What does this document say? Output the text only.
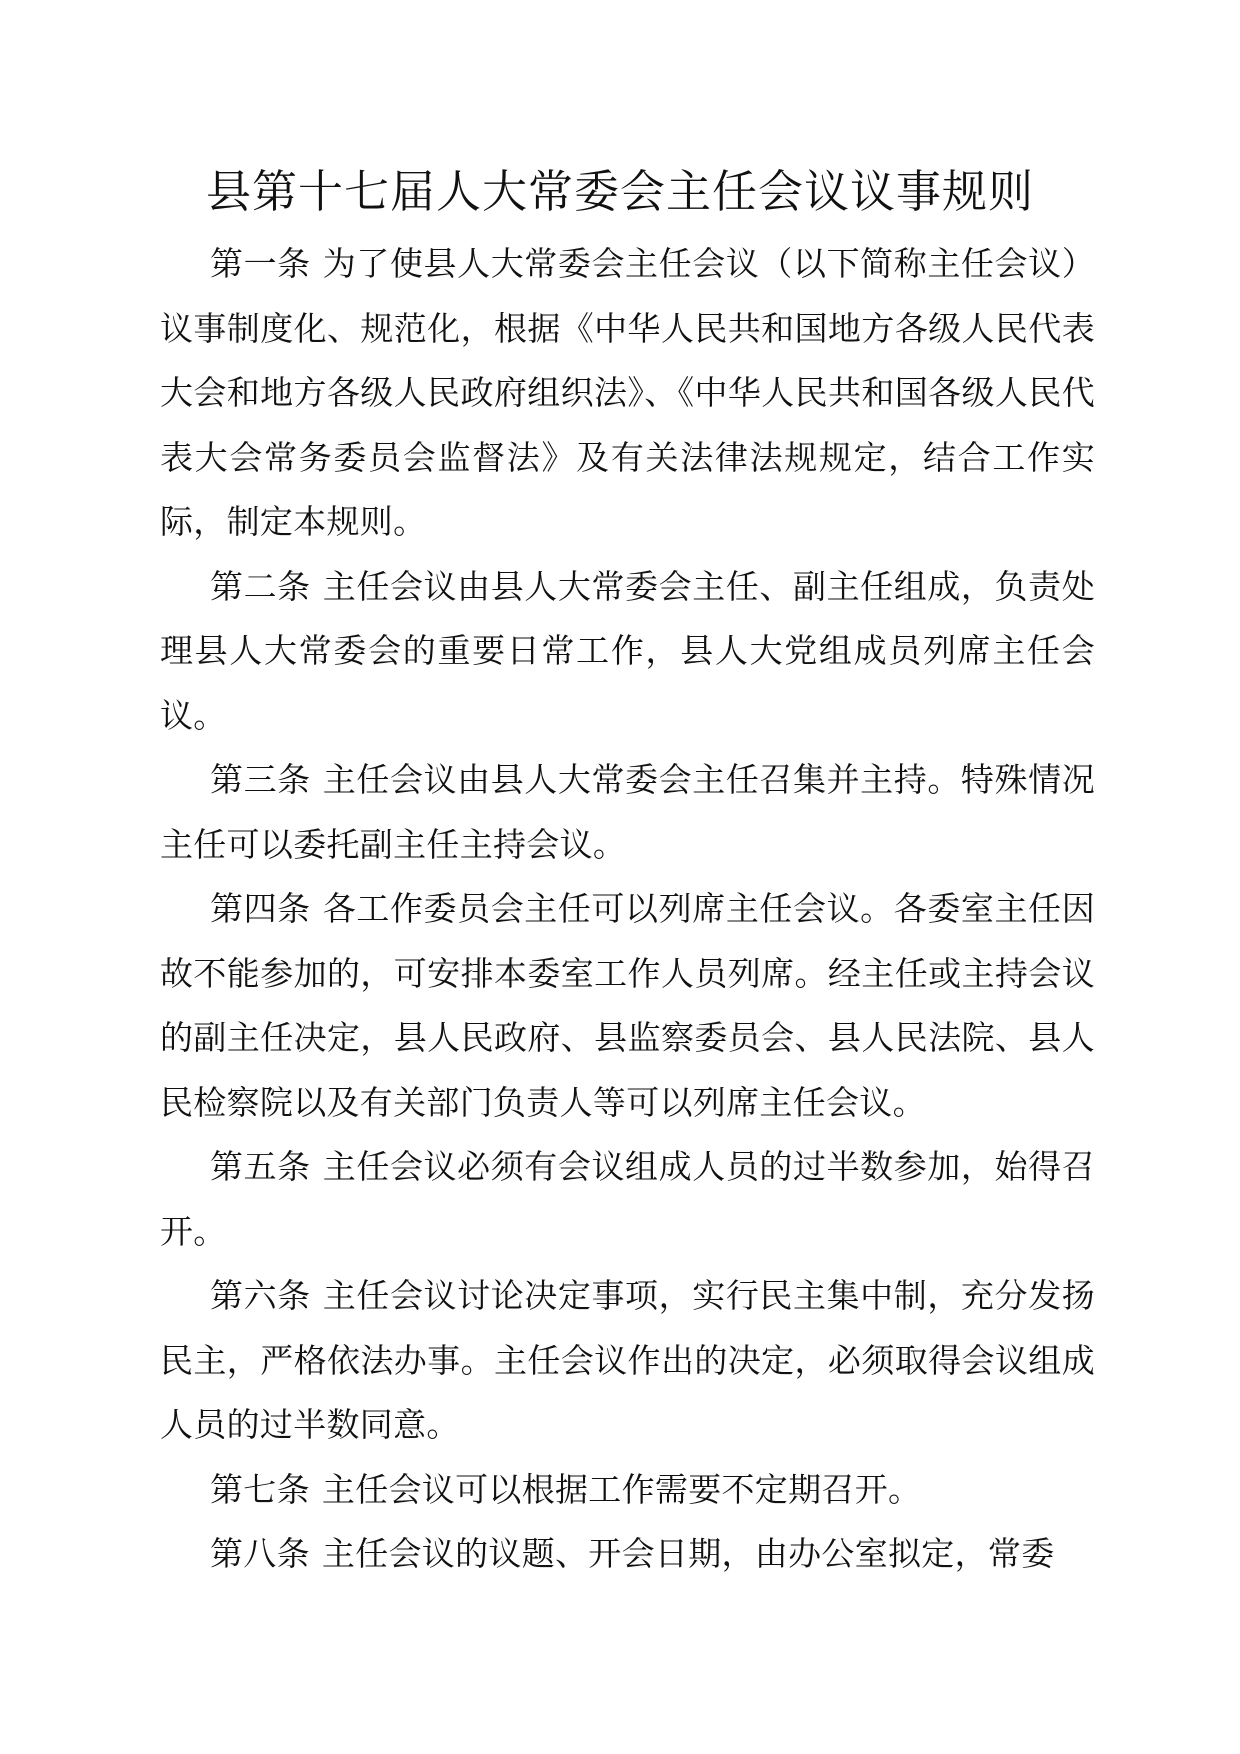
县第十七届人大常委会主任会议议事规则

第一条 为了使县人大常委会主任会议（以下简称主任会议）议事制度化、规范化，根据《中华人民共和国地方各级人民代表大会和地方各级人民政府组织法》、《中华人民共和国各级人民代表大会常务委员会监督法》及有关法律法规规定，结合工作实际，制定本规则。

第二条 主任会议由县人大常委会主任、副主任组成，负责处理县人大常委会的重要日常工作，县人大党组成员列席主任会议。

第三条 主任会议由县人大常委会主任召集并主持。特殊情况主任可以委托副主任主持会议。

第四条 各工作委员会主任可以列席主任会议。各委室主任因故不能参加的，可安排本委室工作人员列席。经主任或主持会议的副主任决定，县人民政府、县监察委员会、县人民法院、县人民检察院以及有关部门负责人等可以列席主任会议。

第五条 主任会议必须有会议组成人员的过半数参加，始得召开。

第六条 主任会议讨论决定事项，实行民主集中制，充分发扬民主，严格依法办事。主任会议作出的决定，必须取得会议组成人员的过半数同意。

第七条 主任会议可以根据工作需要不定期召开。

第八条 主任会议的议题、开会日期，由办公室拟定，常委
